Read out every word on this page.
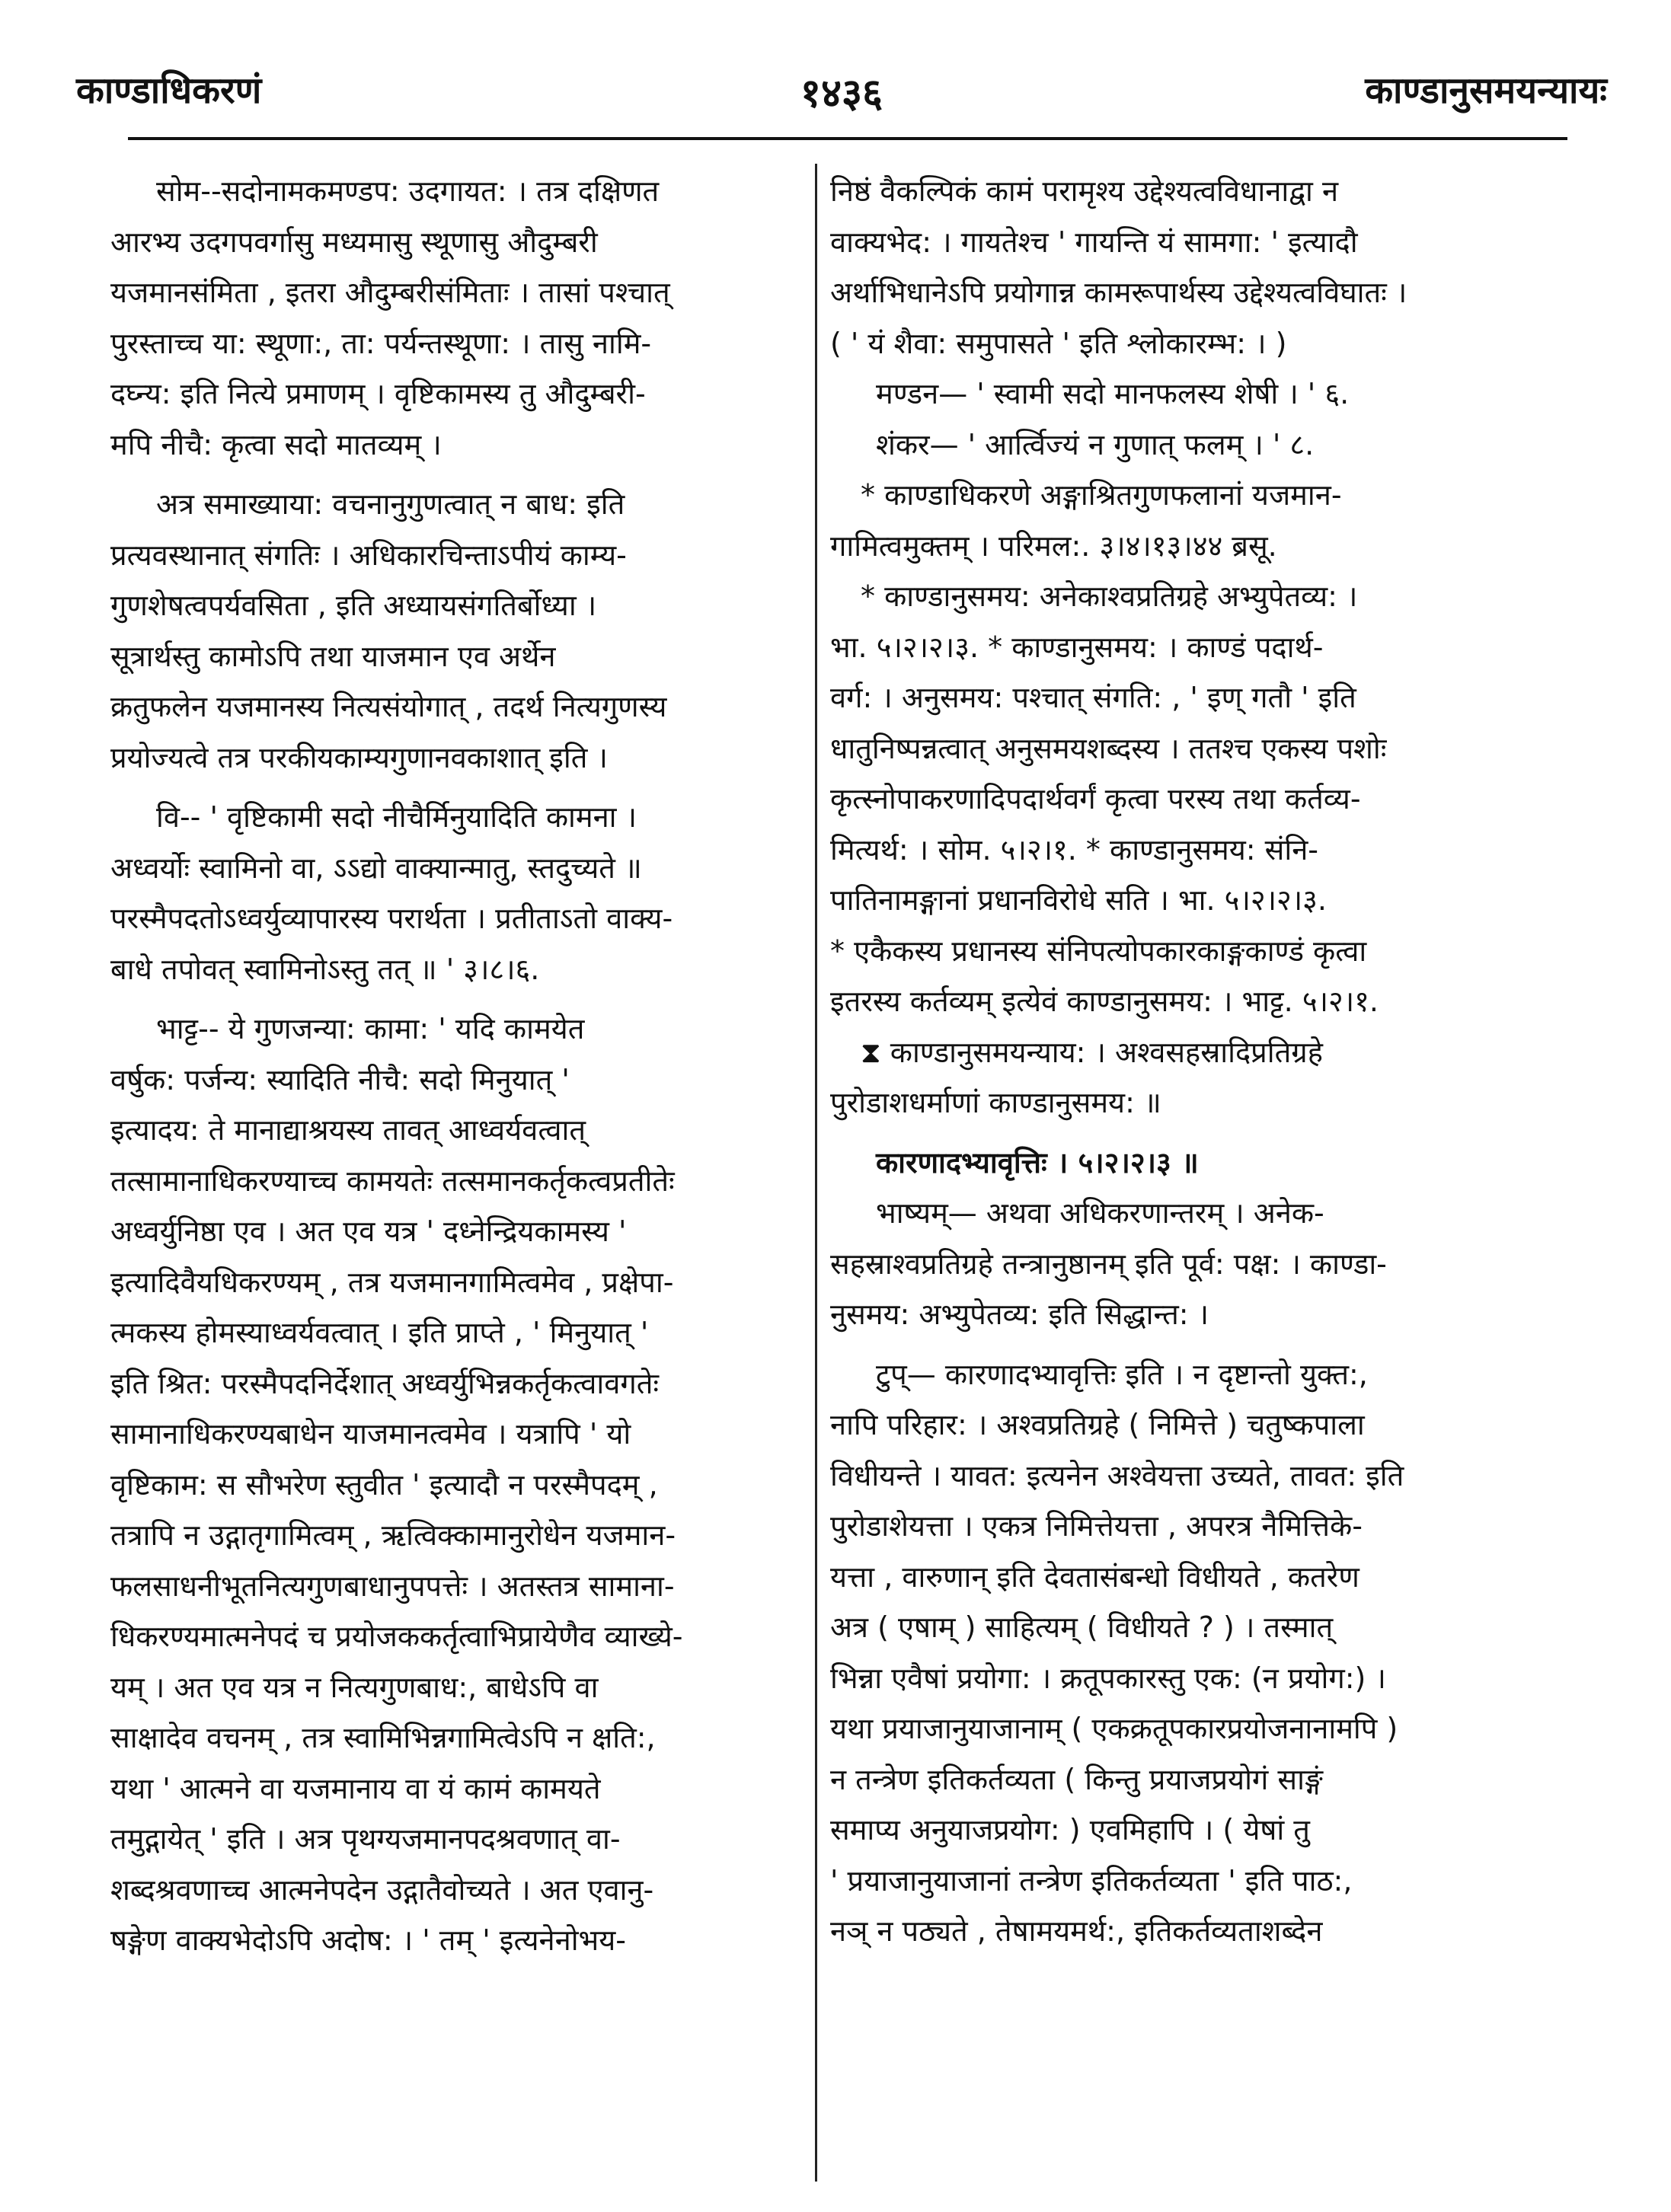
काण्डाधिकरणं	१४३६	काण्डानुसमयन्यायः
सोम--सदोनामकमण्डप: उदगायत: । तत्र दक्षिणत
आरभ्य उदगपवर्गासु मध्यमासु स्थूणासु औदुम्बरी
यजमानसंमिता , इतरा औदुम्बरीसंमिताः । तासां पश्चात्
पुरस्ताच्च या: स्थूणा:, ता: पर्यन्तस्थूणा: । तासु नामि-
दघ्न्य: इति नित्ये प्रमाणम् । वृष्टिकामस्य तु औदुम्बरी-
मपि नीचै: कृत्वा सदो मातव्यम् ।
अत्र समाख्याया: वचनानुगुणत्वात् न बाध: इति
प्रत्यवस्थानात् संगतिः । अधिकारचिन्ताऽपीयं काम्य-
गुणशेषत्वपर्यवसिता , इति अध्यायसंगतिर्बोध्या ।
सूत्रार्थस्तु कामोऽपि तथा याजमान एव अर्थेन
क्रतुफलेन यजमानस्य नित्यसंयोगात् , तदर्थ नित्यगुणस्य
प्रयोज्यत्वे तत्र परकीयकाम्यगुणानवकाशात् इति ।
वि-- ' वृष्टिकामी सदो नीचैर्मिनुयादिति कामना ।
अध्वर्योः स्वामिनो वा, ऽऽद्यो वाक्यान्मातु, स्तदुच्यते ॥
परस्मैपदतोऽध्वर्युव्यापारस्य परार्थता । प्रतीताऽतो वाक्य-
बाधे तपोवत् स्वामिनोऽस्तु तत् ॥ ' ३।८।६.
भाट्ट-- ये गुणजन्या: कामा: ' यदि कामयेत
वर्षुक: पर्जन्य: स्यादिति नीचै: सदो मिनुयात् '
इत्यादय: ते मानाद्याश्रयस्य तावत् आध्वर्यवत्वात्
तत्सामानाधिकरण्याच्च कामयतेः तत्समानकर्तृकत्वप्रतीतेः
अध्वर्युनिष्ठा एव । अत एव यत्र ' दध्नेन्द्रियकामस्य '
इत्यादिवैयधिकरण्यम् , तत्र यजमानगामित्वमेव , प्रक्षेपा-
त्मकस्य होमस्याध्वर्यवत्वात् । इति प्राप्ते , ' मिनुयात् '
इति श्रित: परस्मैपदनिर्देशात् अध्वर्युभिन्नकर्तृकत्वावगतेः
सामानाधिकरण्यबाधेन याजमानत्वमेव । यत्रापि ' यो
वृष्टिकाम: स सौभरेण स्तुवीत ' इत्यादौ न परस्मैपदम् ,
तत्रापि न उद्गातृगामित्वम् , ऋत्विक्कामानुरोधेन यजमान-
फलसाधनीभूतनित्यगुणबाधानुपपत्तेः । अतस्तत्र सामाना-
धिकरण्यमात्मनेपदं च प्रयोजककर्तृत्वाभिप्रायेणैव व्याख्ये-
यम् । अत एव यत्र न नित्यगुणबाध:, बाधेऽपि वा
साक्षादेव वचनम् , तत्र स्वामिभिन्नगामित्वेऽपि न क्षति:,
यथा ' आत्मने वा यजमानाय वा यं कामं कामयते
तमुद्गायेत् ' इति । अत्र पृथग्यजमानपदश्रवणात् वा-
शब्दश्रवणाच्च आत्मनेपदेन उद्गातैवोच्यते । अत एवानु-
षङ्गेण वाक्यभेदोऽपि अदोष: । ' तम् ' इत्यनेनोभय-
निष्ठं वैकल्पिकं कामं परामृश्य उद्देश्यत्वविधानाद्वा न
वाक्यभेद: । गायतेश्च ' गायन्ति यं सामगा: ' इत्यादौ
अर्थाभिधानेऽपि प्रयोगान्न कामरूपार्थस्य उद्देश्यत्वविघातः ।
( ' यं शैवा: समुपासते ' इति श्लोकारम्भ: । )
मण्डन— ' स्वामी सदो मानफलस्य शेषी । ' ६.
शंकर— ' आर्त्विज्यं न गुणात् फलम् । ' ८.
* काण्डाधिकरणे अङ्गाश्रितगुणफलानां यजमान-
गामित्वमुक्तम् । परिमल:. ३।४।१३।४४ ब्रसू.
* काण्डानुसमय: अनेकाश्वप्रतिग्रहे अभ्युपेतव्य: ।
भा. ५।२।२।३. * काण्डानुसमय: । काण्डं पदार्थ-
वर्ग: । अनुसमय: पश्चात् संगति: , ' इण् गतौ ' इति
धातुनिष्पन्नत्वात् अनुसमयशब्दस्य । ततश्च एकस्य पशोः
कृत्स्नोपाकरणादिपदार्थवर्गं कृत्वा परस्य तथा कर्तव्य-
मित्यर्थ: । सोम. ५।२।१. * काण्डानुसमय: संनि-
पातिनामङ्गानां प्रधानविरोधे सति । भा. ५।२।२।३.
* एकैकस्य प्रधानस्य संनिपत्योपकारकाङ्गकाण्डं कृत्वा
इतरस्य कर्तव्यम् इत्येवं काण्डानुसमय: । भाट्ट. ५।२।१.
⧗ काण्डानुसमयन्याय: । अश्वसहस्रादिप्रतिग्रहे
पुरोडाशधर्माणां काण्डानुसमय: ॥
कारणादभ्यावृत्तिः । ५।२।२।३ ॥
भाष्यम्— अथवा अधिकरणान्तरम् । अनेक-
सहस्राश्वप्रतिग्रहे तन्त्रानुष्ठानम् इति पूर्व: पक्ष: । काण्डा-
नुसमय: अभ्युपेतव्य: इति सिद्धान्त: ।
टुप्— कारणादभ्यावृत्तिः इति । न दृष्टान्तो युक्त:,
नापि परिहार: । अश्वप्रतिग्रहे ( निमित्ते ) चतुष्कपाला
विधीयन्ते । यावत: इत्यनेन अश्वेयत्ता उच्यते, तावत: इति
पुरोडाशेयत्ता । एकत्र निमित्तेयत्ता , अपरत्र नैमित्तिके-
यत्ता , वारुणान् इति देवतासंबन्धो विधीयते , कतरेण
अत्र ( एषाम् ) साहित्यम् ( विधीयते ? ) । तस्मात्
भिन्ना एवैषां प्रयोगा: । क्रतूपकारस्तु एक: (न प्रयोग:) ।
यथा प्रयाजानुयाजानाम् ( एकक्रतूपकारप्रयोजनानामपि )
न तन्त्रेण इतिकर्तव्यता ( किन्तु प्रयाजप्रयोगं साङ्गं
समाप्य अनुयाजप्रयोग: ) एवमिहापि । ( येषां तु
' प्रयाजानुयाजानां तन्त्रेण इतिकर्तव्यता ' इति पाठ:,
नञ् न पठ्यते , तेषामयमर्थ:, इतिकर्तव्यताशब्देन
